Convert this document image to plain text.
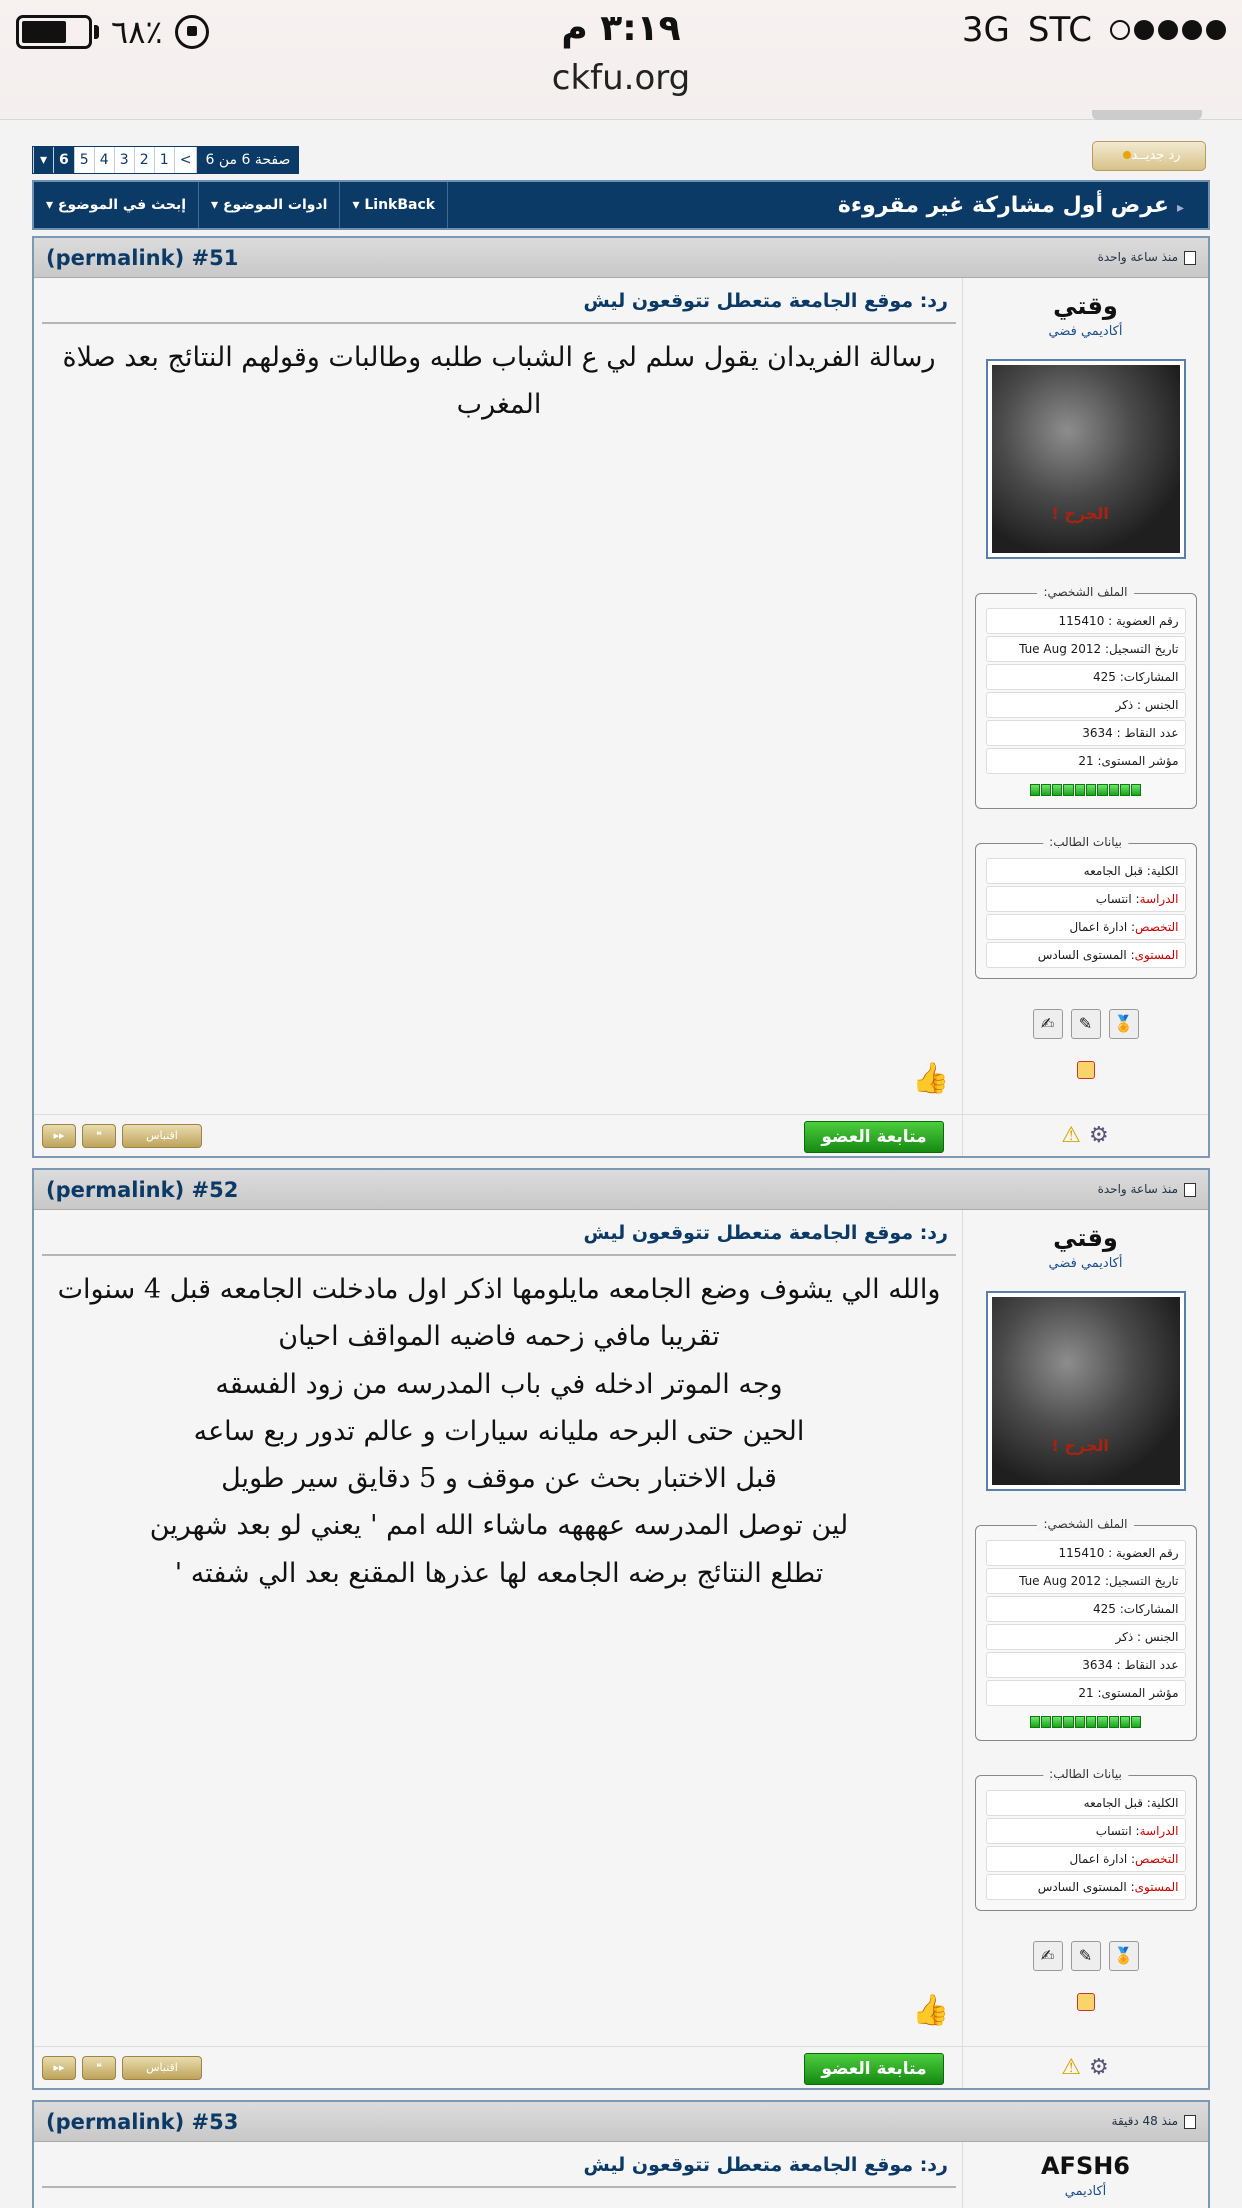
٦٨٪	٣:١٩ م
ckfu.org
3G STC
رد جديــد
▾ 6 5 4 3 2 1 <	صفحة 6 من 6
▸ عرض أول مشاركة غير مقروءة
▾ إبحث في الموضوع	▾ ادوات الموضوع	▾ LinkBack
منذ ساعة واحدة
(permalink) #51
وقتي
أكاديمي فضي
الجرح !
الملف الشخصي:
رقم العضوية : 115410
تاريخ التسجيل: Tue Aug 2012
المشاركات: 425
الجنس : ذكر
عدد النقاط : 3634
مؤشر المستوى: 21
بيانات الطالب:
الكلية: قبل الجامعه
الدراسة: انتساب
التخصص: ادارة اعمال
المستوى: المستوى السادس
🏅
✎
✍
⚙
⚠
رد: موقع الجامعة متعطل تتوقعون ليش
رسالة الفريدان يقول سلم لي ع الشباب طلبه وطالبات وقولهم النتائج بعد صلاة المغرب
👍
متابعة العضو
▸▸	❝	اقتباس
منذ ساعة واحدة
(permalink) #52
وقتي
أكاديمي فضي
الجرح !
الملف الشخصي:
رقم العضوية : 115410
تاريخ التسجيل: Tue Aug 2012
المشاركات: 425
الجنس : ذكر
عدد النقاط : 3634
مؤشر المستوى: 21
بيانات الطالب:
الكلية: قبل الجامعه
الدراسة: انتساب
التخصص: ادارة اعمال
المستوى: المستوى السادس
🏅
✎
✍
⚙
⚠
رد: موقع الجامعة متعطل تتوقعون ليش
والله الي يشوف وضع الجامعه مايلومها اذكر اول مادخلت الجامعه قبل 4 سنوات
تقريبا مافي زحمه فاضيه المواقف احيان
وجه الموتر ادخله في باب المدرسه من زود الفسقه
الحين حتى البرحه مليانه سيارات و عالم تدور ربع ساعه
قبل الاختبار بحث عن موقف و 5 دقايق سير طويل
لين توصل المدرسه عهههه ماشاء الله امم ' يعني لو بعد شهرين
تطلع النتائج برضه الجامعه لها عذرها المقنع بعد الي شفته '
👍
متابعة العضو
▸▸	❝	اقتباس
منذ 48 دقيقة
(permalink) #53
AFSH6
أكاديمي
رد: موقع الجامعة متعطل تتوقعون ليش
